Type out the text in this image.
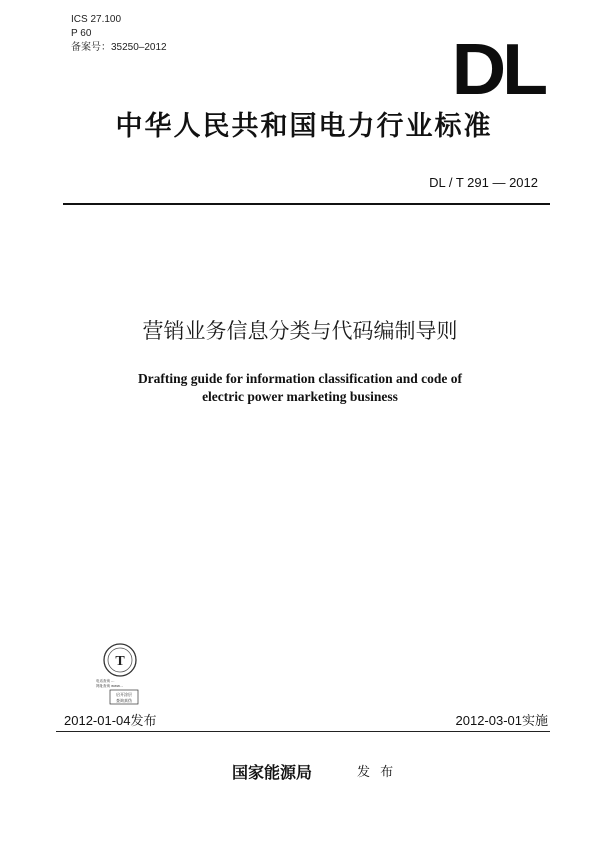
ICS 27.100
P 60
备案号：35250–2012	DL
中华人民共和国电力行业标准
DL / T 291 — 2012
营销业务信息分类与代码编制导则
Drafting guide for information classification and code of
electric power marketing business
T
电话查询 ...
网址查询 www...
启开涂层
查询真伪
2012-01-04发布	2012-03-01实施
国家能源局	发 布
